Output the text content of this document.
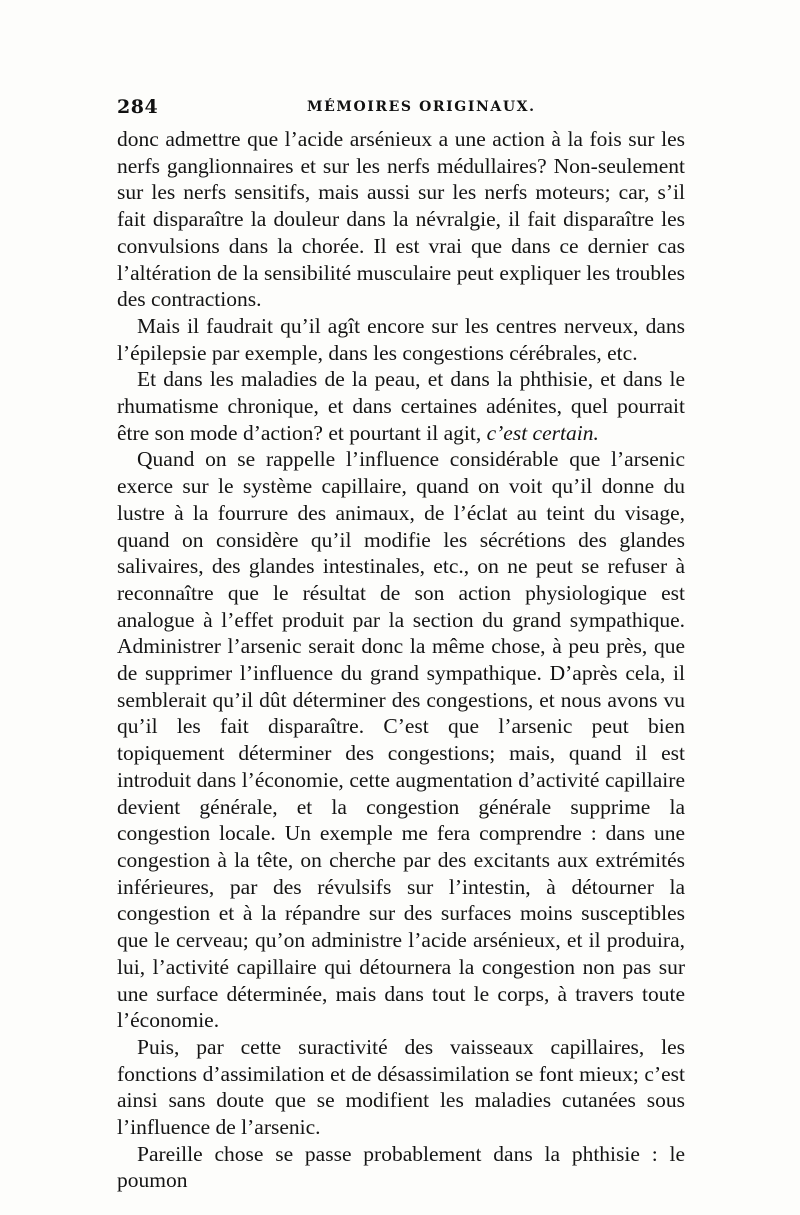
284	MÉMOIRES ORIGINAUX.

donc admettre que l’acide arsénieux a une action à la fois sur les nerfs ganglionnaires et sur les nerfs médullaires? Non-seulement sur les nerfs sensitifs, mais aussi sur les nerfs moteurs; car, s’il fait disparaître la douleur dans la névralgie, il fait disparaître les convulsions dans la chorée. Il est vrai que dans ce dernier cas l’altération de la sensibilité musculaire peut expliquer les troubles des contractions.

Mais il faudrait qu’il agît encore sur les centres nerveux, dans l’épilepsie par exemple, dans les congestions cérébrales, etc.

Et dans les maladies de la peau, et dans la phthisie, et dans le rhumatisme chronique, et dans certaines adénites, quel pourrait être son mode d’action? et pourtant il agit, c’est certain.

Quand on se rappelle l’influence considérable que l’arsenic exerce sur le système capillaire, quand on voit qu’il donne du lustre à la fourrure des animaux, de l’éclat au teint du visage, quand on considère qu’il modifie les sécrétions des glandes salivaires, des glandes intestinales, etc., on ne peut se refuser à reconnaître que le résultat de son action physiologique est analogue à l’effet produit par la section du grand sympathique. Administrer l’arsenic serait donc la même chose, à peu près, que de supprimer l’influence du grand sympathique. D’après cela, il semblerait qu’il dût déterminer des congestions, et nous avons vu qu’il les fait disparaître. C’est que l’arsenic peut bien topiquement déterminer des congestions; mais, quand il est introduit dans l’économie, cette augmentation d’activité capillaire devient générale, et la congestion générale supprime la congestion locale. Un exemple me fera comprendre : dans une congestion à la tête, on cherche par des excitants aux extrémités inférieures, par des révulsifs sur l’intestin, à détourner la congestion et à la répandre sur des surfaces moins susceptibles que le cerveau; qu’on administre l’acide arsénieux, et il produira, lui, l’activité capillaire qui détournera la congestion non pas sur une surface déterminée, mais dans tout le corps, à travers toute l’économie.

Puis, par cette suractivité des vaisseaux capillaires, les fonctions d’assimilation et de désassimilation se font mieux; c’est ainsi sans doute que se modifient les maladies cutanées sous l’influence de l’arsenic.

Pareille chose se passe probablement dans la phthisie : le poumon
